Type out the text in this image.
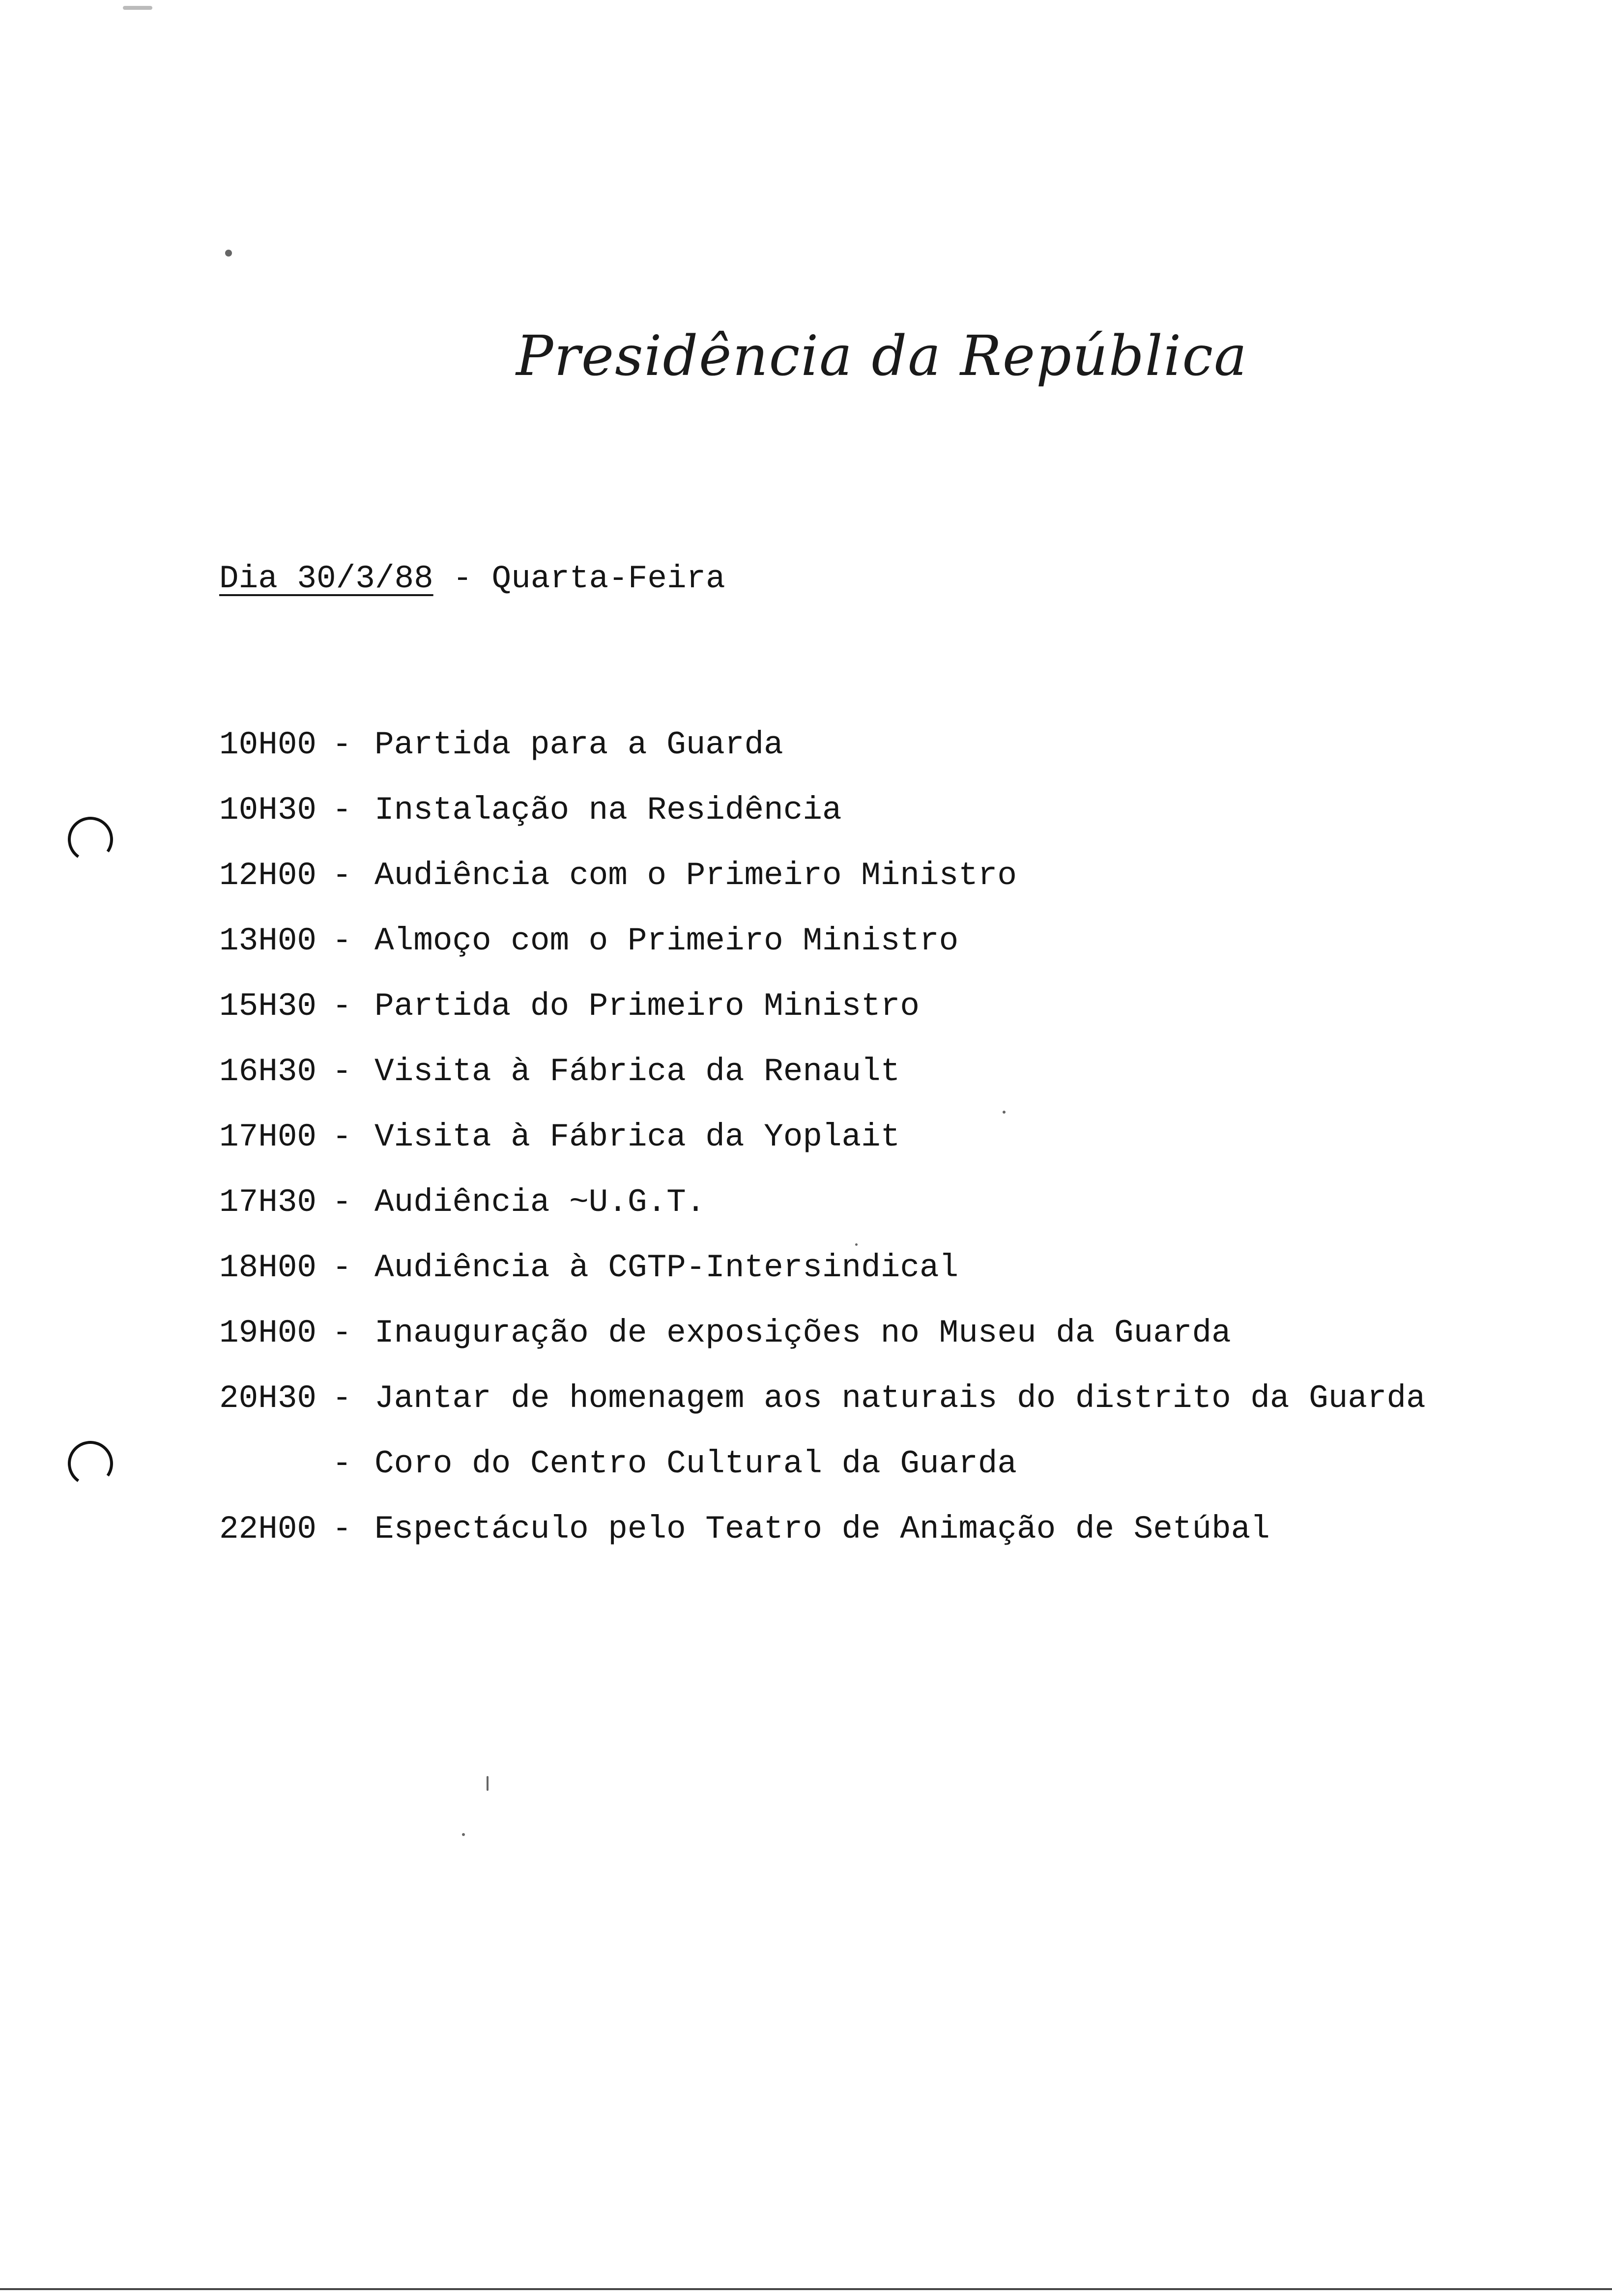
Presidência da República
Dia 30/3/88 - Quarta-Feira
10H00 - Partida para a Guarda
10H30 - Instalação na Residência
12H00 - Audiência com o Primeiro Ministro
13H00 - Almoço com o Primeiro Ministro
15H30 - Partida do Primeiro Ministro
16H30 - Visita à Fábrica da Renault
17H00 - Visita à Fábrica da Yoplait
17H30 - Audiência ~U.G.T.
18H00 - Audiência à CGTP-Intersindical
19H00 - Inauguração de exposições no Museu da Guarda
20H30 - Jantar de homenagem aos naturais do distrito da Guarda
- Coro do Centro Cultural da Guarda
22H00 - Espectáculo pelo Teatro de Animação de Setúbal
